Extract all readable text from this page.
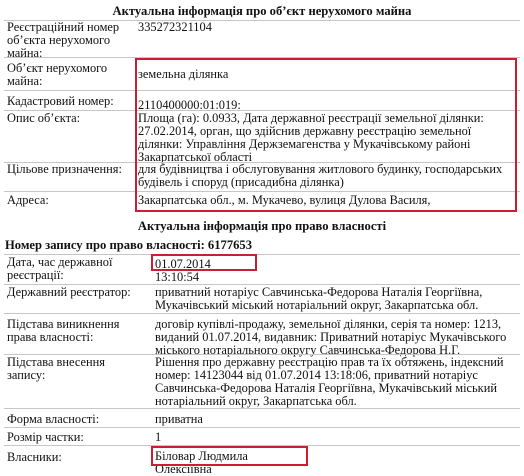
Актуальна інформація про об’єкт нерухомого майна
Реєстраційний номер об’єкта нерухомого майна:
335272321104
Об’єкт нерухомого майна:	земельна ділянка
Кадастровий номер:	2110400000:01:019:
Опис об’єкта:	Площа (га): 0.0933, Дата державної реєстрації земельної ділянки: 27.02.2014, орган, що здійснив державну реєстрацію земельної ділянки: Управління Держземагенства у Мукачівському районі Закарпатської області
Цільове призначення:	для будівництва і обслуговування житлового будинку, господарських будівель і споруд (присадибна ділянка)
Адреса:	Закарпатська обл., м. Мукачево, вулиця Дулова Василя,
Актуальна інформація про право власності
Номер запису про право власності: 6177653
Дата, час державної реєстрації:
01.07.2014 13:10:54
Державний реєстратор:	приватний нотаріус Савчинська-Федорова Наталія Георгіївна, Мукачівський міський нотаріальний округ, Закарпатська обл.
Підстава виникнення права власності:
договір купівлі-продажу, земельної ділянки, серія та номер: 1213, виданий 01.07.2014, видавник: Приватний нотаріус Мукачівського міського нотаріального округу Савчинська-Федорова Н.Г.
Підстава внесення запису:
Рішення про державну реєстрацію прав та їх обтяжень, індексний номер: 14123044 від 01.07.2014 13:18:06, приватний нотаріус Савчинська-Федорова Наталія Георгіївна, Мукачівський міський нотаріальний округ, Закарпатська обл.
Форма власності:	приватна
Розмір частки:	1
Власники:	Біловар Людмила Олексіївна
